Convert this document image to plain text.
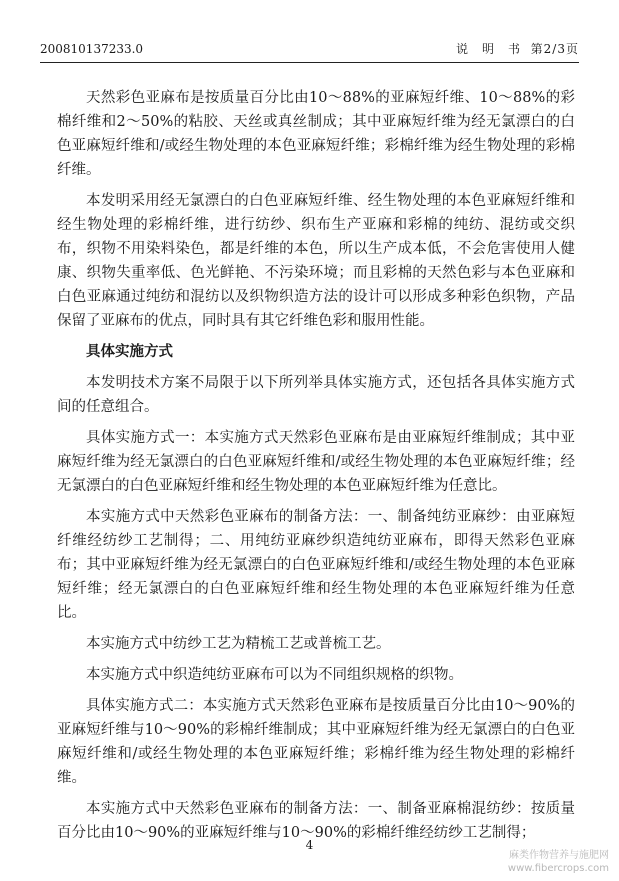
200810137233.0	说　明　书 第2/3页

天然彩色亚麻布是按质量百分比由10～88%的亚麻短纤维、10～88%的彩棉纤维和2～50%的粘胶、天丝或真丝制成；其中亚麻短纤维为经无氯漂白的白色亚麻短纤维和/或经生物处理的本色亚麻短纤维；彩棉纤维为经生物处理的彩棉纤维。

本发明采用经无氯漂白的白色亚麻短纤维、经生物处理的本色亚麻短纤维和经生物处理的彩棉纤维，进行纺纱、织布生产亚麻和彩棉的纯纺、混纺或交织布，织物不用染料染色，都是纤维的本色，所以生产成本低，不会危害使用人健康、织物失重率低、色光鲜艳、不污染环境；而且彩棉的天然色彩与本色亚麻和白色亚麻通过纯纺和混纺以及织物织造方法的设计可以形成多种彩色织物，产品保留了亚麻布的优点，同时具有其它纤维色彩和服用性能。

具体实施方式

本发明技术方案不局限于以下所列举具体实施方式，还包括各具体实施方式间的任意组合。

具体实施方式一：本实施方式天然彩色亚麻布是由亚麻短纤维制成；其中亚麻短纤维为经无氯漂白的白色亚麻短纤维和/或经生物处理的本色亚麻短纤维；经无氯漂白的白色亚麻短纤维和经生物处理的本色亚麻短纤维为任意比。

本实施方式中天然彩色亚麻布的制备方法：一、制备纯纺亚麻纱：由亚麻短纤维经纺纱工艺制得；二、用纯纺亚麻纱织造纯纺亚麻布，即得天然彩色亚麻布；其中亚麻短纤维为经无氯漂白的白色亚麻短纤维和/或经生物处理的本色亚麻短纤维；经无氯漂白的白色亚麻短纤维和经生物处理的本色亚麻短纤维为任意比。

本实施方式中纺纱工艺为精梳工艺或普梳工艺。

本实施方式中织造纯纺亚麻布可以为不同组织规格的织物。

具体实施方式二：本实施方式天然彩色亚麻布是按质量百分比由10～90%的亚麻短纤维与10～90%的彩棉纤维制成；其中亚麻短纤维为经无氯漂白的白色亚麻短纤维和/或经生物处理的本色亚麻短纤维；彩棉纤维为经生物处理的彩棉纤维。

本实施方式中天然彩色亚麻布的制备方法：一、制备亚麻棉混纺纱：按质量百分比由10～90%的亚麻短纤维与10～90%的彩棉纤维经纺纱工艺制得；

4
麻类作物营养与施肥网
www.fibercrops.com
